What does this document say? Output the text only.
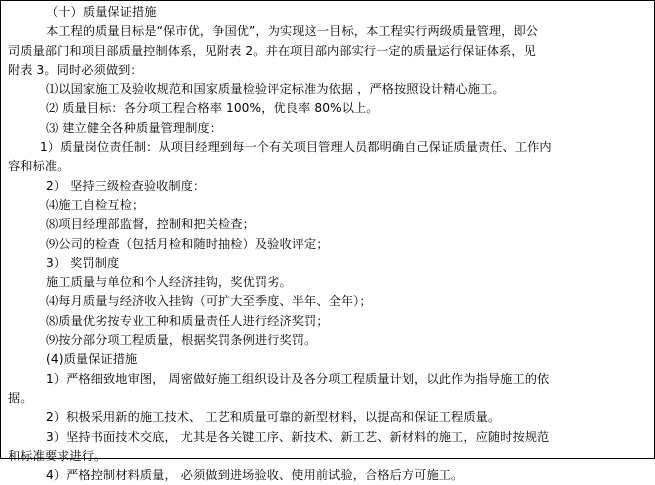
（十）质量保证措施
本工程的质量目标是“保市优，争国优”，为实现这一目标，本工程实行两级质量管理，即公
司质量部门和项目部质量控制体系，见附表 2。并在项目部内部实行一定的质量运行保证体系，见
附表 3。同时必须做到：
⑴以国家施工及验收规范和国家质量检验评定标准为依据 ，严格按照设计精心施工。
⑵ 质量目标：各分项工程合格率 100%，优良率 80%以上。
⑶ 建立健全各种质量管理制度：
1）质量岗位责任制：从项目经理到每一个有关项目管理人员都明确自己保证质量责任、工作内
容和标准。
2） 坚持三级检查验收制度：
⑷施工自检互检；
⑻项目经理部监督，控制和把关检查；
⑼公司的检查（包括月检和随时抽检）及验收评定；
3） 奖罚制度
施工质量与单位和个人经济挂钩，奖优罚劣。
⑷每月质量与经济收入挂钩（可扩大至季度、半年、全年）；
⑻质量优劣按专业工种和质量责任人进行经济奖罚；
⑼按分部分项工程质量，根据奖罚条例进行奖罚。
(4)质量保证措施
1）严格细致地审图， 周密做好施工组织设计及各分项工程质量计划，以此作为指导施工的依
据。
2）积极采用新的施工技术、 工艺和质量可靠的新型材料，以提高和保证工程质量。
3）坚持书面技术交底， 尤其是各关键工序、新技术、新工艺、新材料的施工，应随时按规范
和标准要求进行。
4）严格控制材料质量， 必须做到进场验收、使用前试验，合格后方可施工。
